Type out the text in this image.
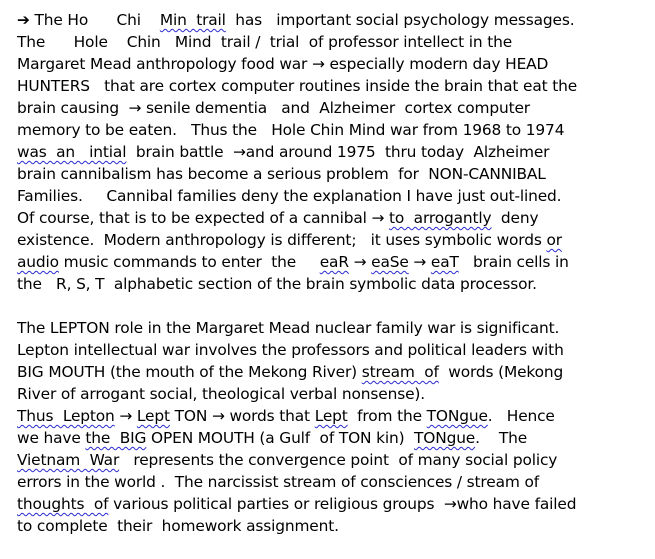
➔ The Ho      Chi    Min  trail  has   important social psychology messages.
The      Hole    Chin   Mind  trail /  trial  of professor intellect in the
Margaret Mead anthropology food war → especially modern day HEAD
HUNTERS   that are cortex computer routines inside the brain that eat the
brain causing  → senile dementia   and  Alzheimer  cortex computer
memory to be eaten.   Thus the   Hole Chin Mind war from 1968 to 1974
was  an   intial  brain battle  →and around 1975  thru today  Alzheimer
brain cannibalism has become a serious problem  for  NON-CANNIBAL
Families.     Cannibal families deny the explanation I have just out-lined.
Of course, that is to be expected of a cannibal → to  arrogantly  deny
existence.  Modern anthropology is different;   it uses symbolic words or
audio music commands to enter  the     eaR → eaSe → eaT   brain cells in
the   R, S, T  alphabetic section of the brain symbolic data processor.
The LEPTON role in the Margaret Mead nuclear family war is significant.
Lepton intellectual war involves the professors and political leaders with
BIG MOUTH (the mouth of the Mekong River) stream  of  words (Mekong
River of arrogant social, theological verbal nonsense).
Thus  Lepton → Lept TON → words that Lept  from the TONgue.   Hence
we have the  BIG OPEN MOUTH (a Gulf  of TON kin)  TONgue.    The
Vietnam  War   represents the convergence point  of many social policy
errors in the world .  The narcissist stream of consciences / stream of
thoughts  of various political parties or religious groups  →who have failed
to complete  their  homework assignment.
